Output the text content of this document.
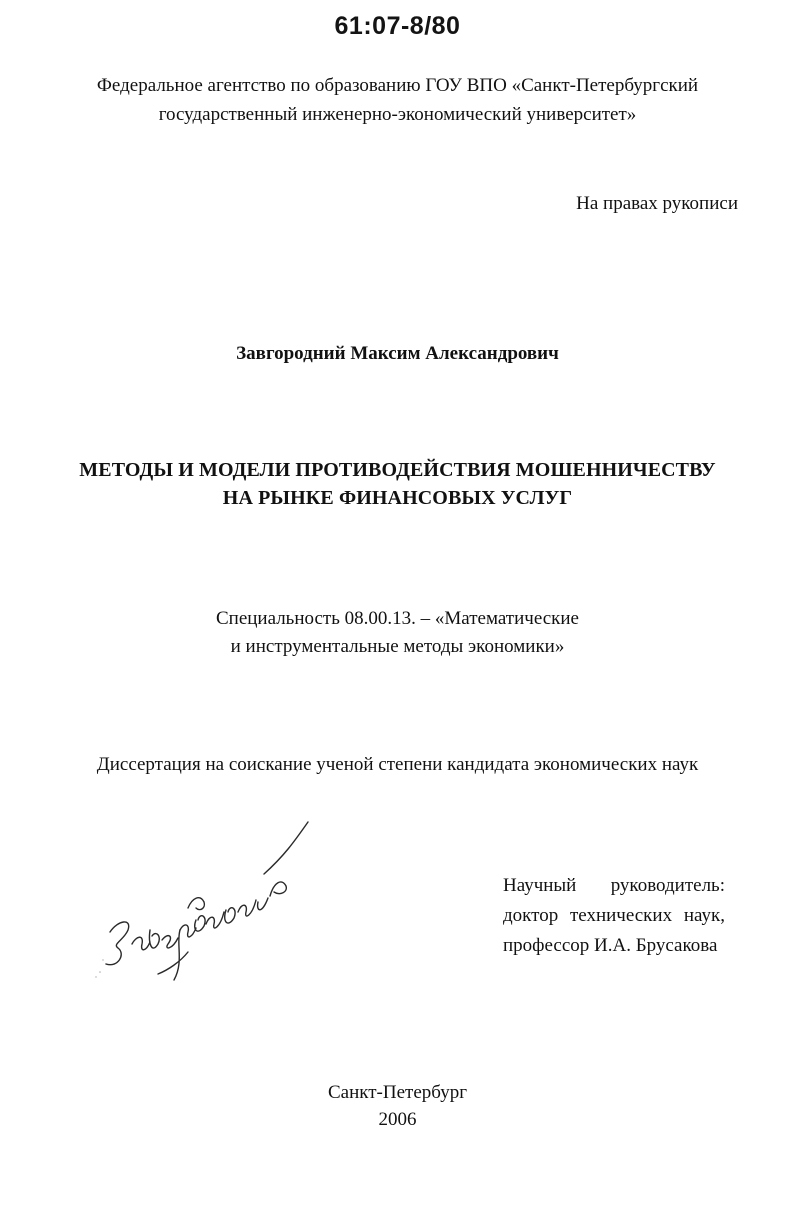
61:07-8/80
Федеральное агентство по образованию ГОУ ВПО «Санкт-Петербургский
государственный инженерно-экономический университет»
На правах рукописи
Завгородний Максим Александрович
МЕТОДЫ И МОДЕЛИ ПРОТИВОДЕЙСТВИЯ МОШЕННИЧЕСТВУ
НА РЫНКЕ ФИНАНСОВЫХ УСЛУГ
Специальность 08.00.13. – «Математические
и инструментальные методы экономики»
Диссертация на соискание ученой степени кандидата экономических наук
Научный руководитель:
доктор технических наук,
профессор И.А. Брусакова
Санкт-Петербург
2006
